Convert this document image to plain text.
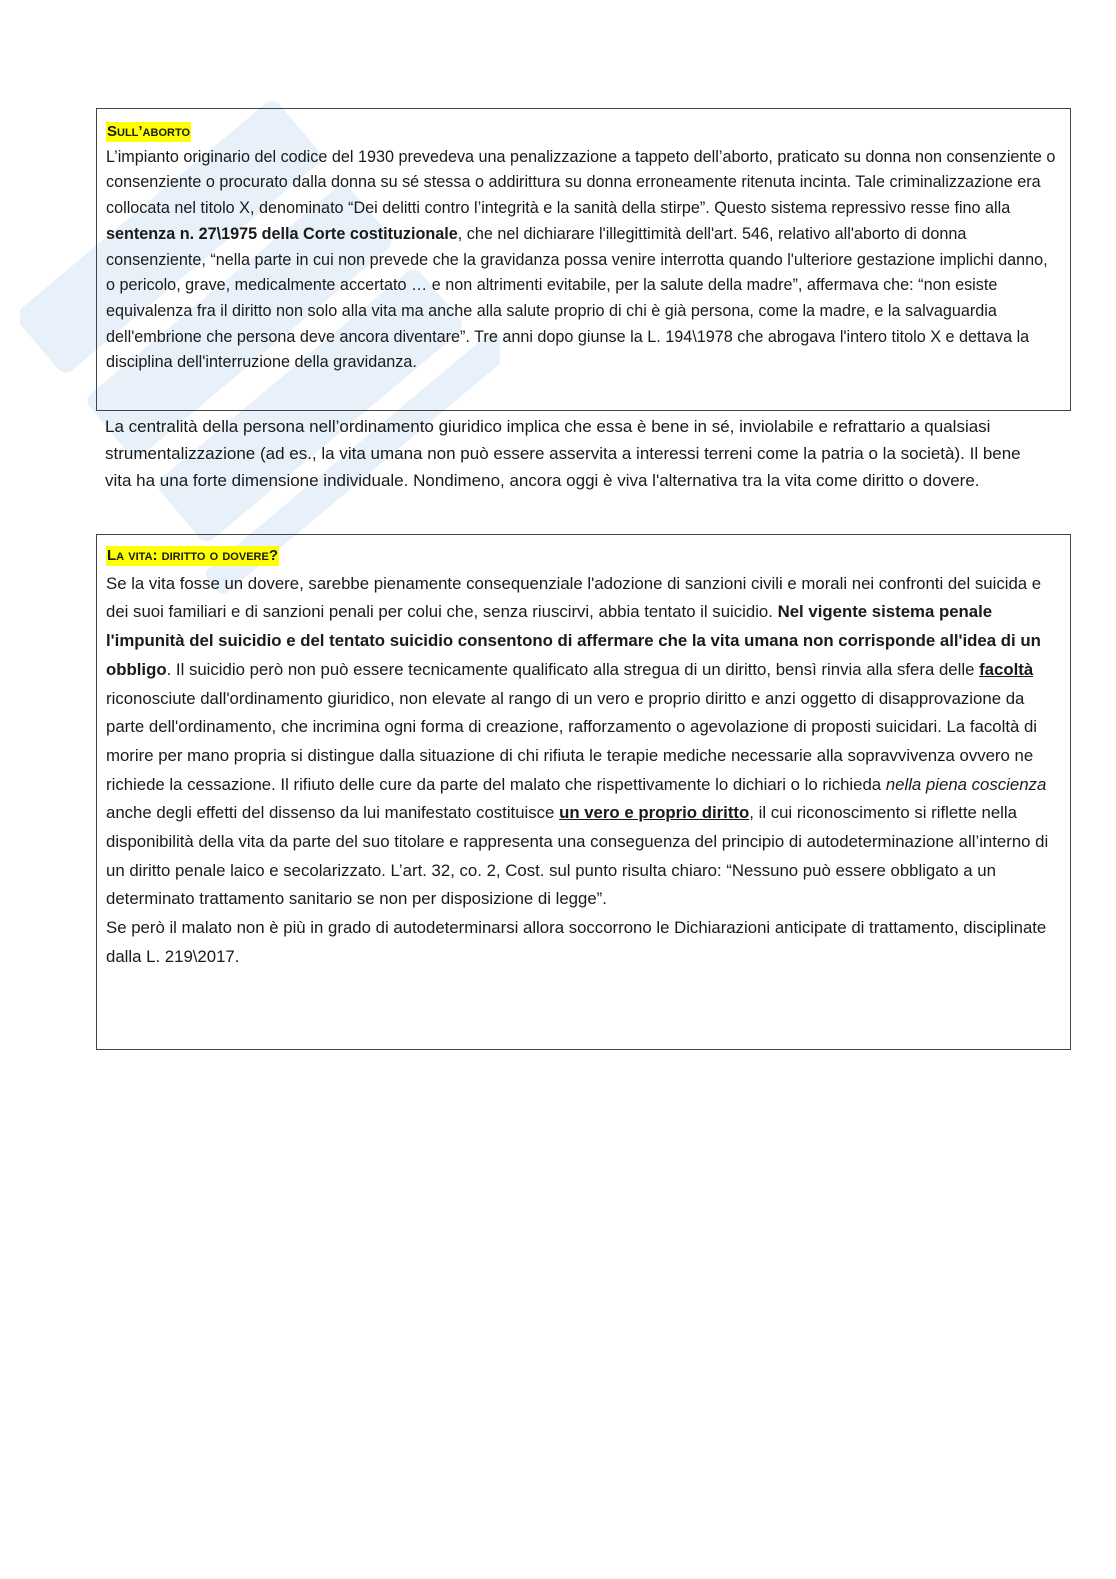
Sull’aborto

L’impianto originario del codice del 1930 prevedeva una penalizzazione a tappeto dell’aborto, praticato su donna non consenziente o consenziente o procurato dalla donna su sé stessa o addirittura su donna erroneamente ritenuta incinta. Tale criminalizzazione era collocata nel titolo X, denominato “Dei delitti contro l’integrità e la sanità della stirpe”. Questo sistema repressivo resse fino alla sentenza n. 27\1975 della Corte costituzionale, che nel dichiarare l'illegittimità dell'art. 546, relativo all'aborto di donna consenziente, “nella parte in cui non prevede che la gravidanza possa venire interrotta quando l'ulteriore gestazione implichi danno, o pericolo, grave, medicalmente accertato … e non altrimenti evitabile, per la salute della madre”, affermava che: “non esiste equivalenza fra il diritto non solo alla vita ma anche alla salute proprio di chi è già persona, come la madre, e la salvaguardia dell'embrione che persona deve ancora diventare”. Tre anni dopo giunse la L. 194\1978 che abrogava l'intero titolo X e dettava la disciplina dell'interruzione della gravidanza.

La centralità della persona nell’ordinamento giuridico implica che essa è bene in sé, inviolabile e refrattario a qualsiasi strumentalizzazione (ad es., la vita umana non può essere asservita a interessi terreni come la patria o la società). Il bene vita ha una forte dimensione individuale. Nondimeno, ancora oggi è viva l'alternativa tra la vita come diritto o dovere.

La vita: diritto o dovere?

Se la vita fosse un dovere, sarebbe pienamente consequenziale l'adozione di sanzioni civili e morali nei confronti del suicida e dei suoi familiari e di sanzioni penali per colui che, senza riuscirvi, abbia tentato il suicidio. Nel vigente sistema penale l'impunità del suicidio e del tentato suicidio consentono di affermare che la vita umana non corrisponde all'idea di un obbligo. Il suicidio però non può essere tecnicamente qualificato alla stregua di un diritto, bensì rinvia alla sfera delle facoltà riconosciute dall'ordinamento giuridico, non elevate al rango di un vero e proprio diritto e anzi oggetto di disapprovazione da parte dell'ordinamento, che incrimina ogni forma di creazione, rafforzamento o agevolazione di proposti suicidari. La facoltà di morire per mano propria si distingue dalla situazione di chi rifiuta le terapie mediche necessarie alla sopravvivenza ovvero ne richiede la cessazione. Il rifiuto delle cure da parte del malato che rispettivamente lo dichiari o lo richieda nella piena coscienza anche degli effetti del dissenso da lui manifestato costituisce un vero e proprio diritto, il cui riconoscimento si riflette nella disponibilità della vita da parte del suo titolare e rappresenta una conseguenza del principio di autodeterminazione all’interno di un diritto penale laico e secolarizzato. L’art. 32, co. 2, Cost. sul punto risulta chiaro: “Nessuno può essere obbligato a un determinato trattamento sanitario se non per disposizione di legge”.

Se però il malato non è più in grado di autodeterminarsi allora soccorrono le Dichiarazioni anticipate di trattamento, disciplinate dalla L. 219\2017.
